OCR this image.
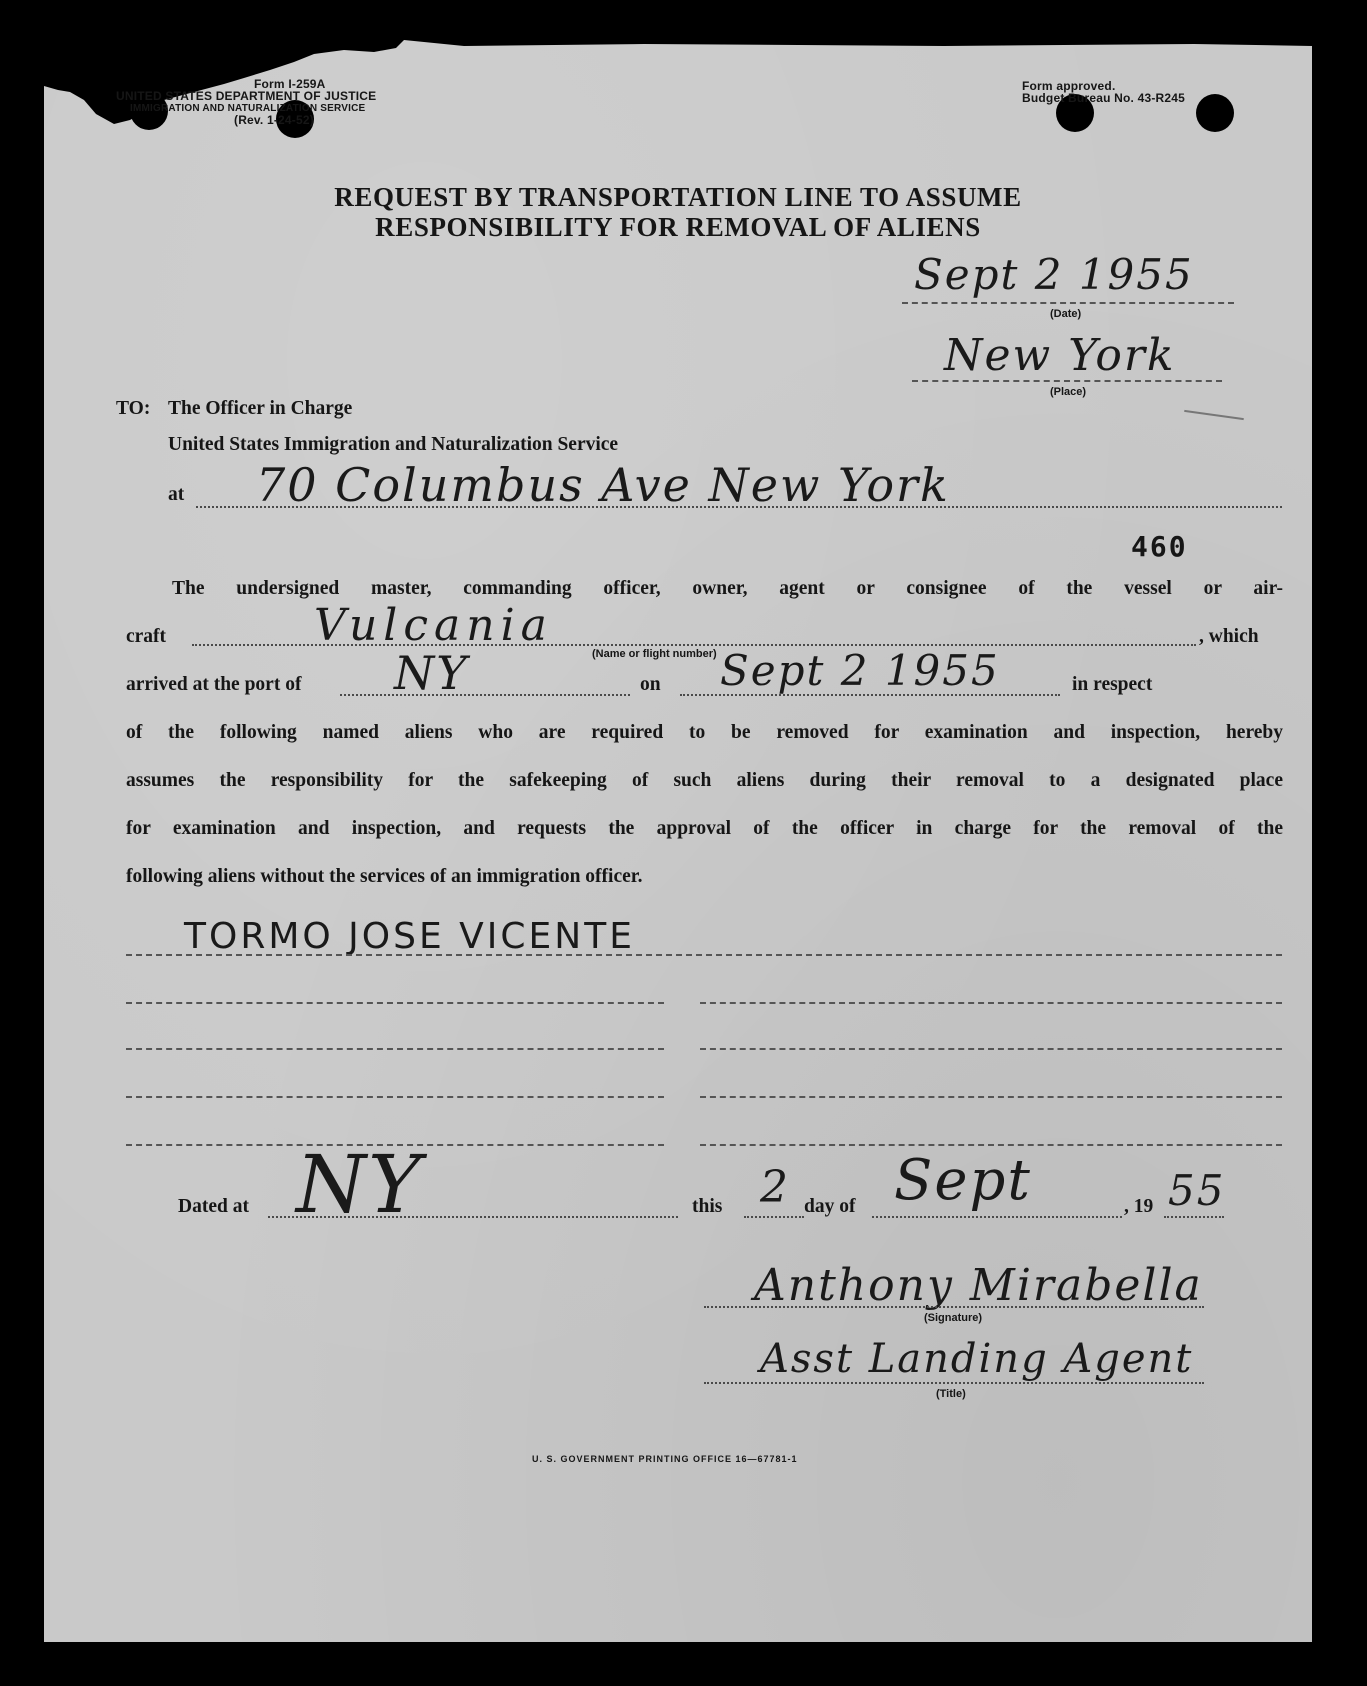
Form I-259A
UNITED STATES DEPARTMENT OF JUSTICE
IMMIGRATION AND NATURALIZATION SERVICE
(Rev. 1-24-52)
Form approved.
Budget Bureau No. 43-R245
REQUEST BY TRANSPORTATION LINE TO ASSUME
RESPONSIBILITY FOR REMOVAL OF ALIENS
Sept 2 1955
(Date)
New York
(Place)
TO: The Officer in Charge
United States Immigration and Naturalization Service
at 70 Columbus Ave New York
460
The undersigned master, commanding officer, owner, agent or consignee of the vessel or air-
craft	Vulcania	, which
(Name or flight number)
arrived at the port of NY	on Sept 2 1955	in respect
of the following named aliens who are required to be removed for examination and inspection, hereby
assumes the responsibility for the safekeeping of such aliens during their removal to a designated place
for examination and inspection, and requests the approval of the officer in charge for the removal of the
following aliens without the services of an immigration officer.
TORMO JOSE VICENTE
Dated at NY	this 2 day of Sept	, 19 55
Anthony Mirabella
(Signature)
Asst Landing Agent
(Title)
U. S. GOVERNMENT PRINTING OFFICE 16—67781-1
